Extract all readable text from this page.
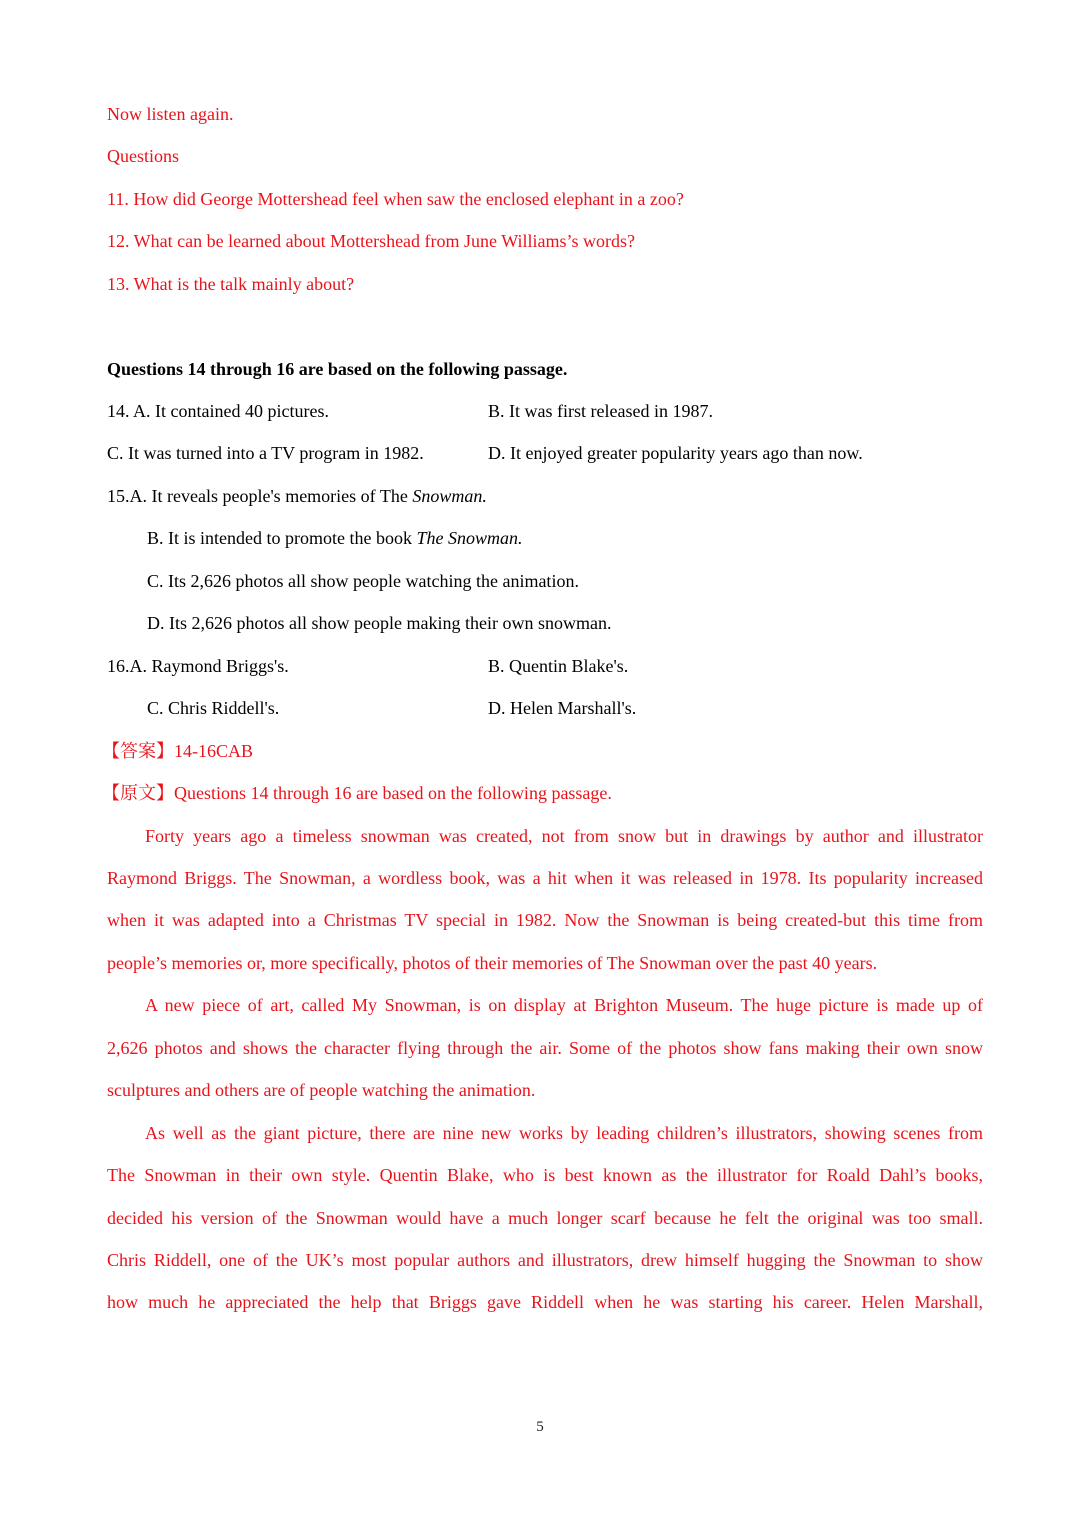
Now listen again.
Questions
11. How did George Mottershead feel when saw the enclosed elephant in a zoo?
12. What can be learned about Mottershead from June Williams’s words?
13. What is the talk mainly about?
Questions 14 through 16 are based on the following passage.
14. A. It contained 40 pictures.	B. It was first released in 1987.
C. It was turned into a TV program in 1982.	D. It enjoyed greater popularity years ago than now.
15.A. It reveals people's memories of The Snowman.
B. It is intended to promote the book The Snowman.
C. Its 2,626 photos all show people watching the animation.
D. Its 2,626 photos all show people making their own snowman.
16.A. Raymond Briggs's.	B. Quentin Blake's.
C. Chris Riddell's.	D. Helen Marshall's.
【答案】14-16CAB
【原文】Questions 14 through 16 are based on the following passage.
Forty years ago a timeless snowman was created, not from snow but in drawings by author and illustrator
Raymond Briggs. The Snowman, a wordless book, was a hit when it was released in 1978. Its popularity increased
when it was adapted into a Christmas TV special in 1982. Now the Snowman is being created-but this time from
people’s memories or, more specifically, photos of their memories of The Snowman over the past 40 years.
A new piece of art, called My Snowman, is on display at Brighton Museum. The huge picture is made up of
2,626 photos and shows the character flying through the air. Some of the photos show fans making their own snow
sculptures and others are of people watching the animation.
As well as the giant picture, there are nine new works by leading children’s illustrators, showing scenes from
The Snowman in their own style. Quentin Blake, who is best known as the illustrator for Roald Dahl’s books,
decided his version of the Snowman would have a much longer scarf because he felt the original was too small.
Chris Riddell, one of the UK’s most popular authors and illustrators, drew himself hugging the Snowman to show
how much he appreciated the help that Briggs gave Riddell when he was starting his career. Helen Marshall,
5
